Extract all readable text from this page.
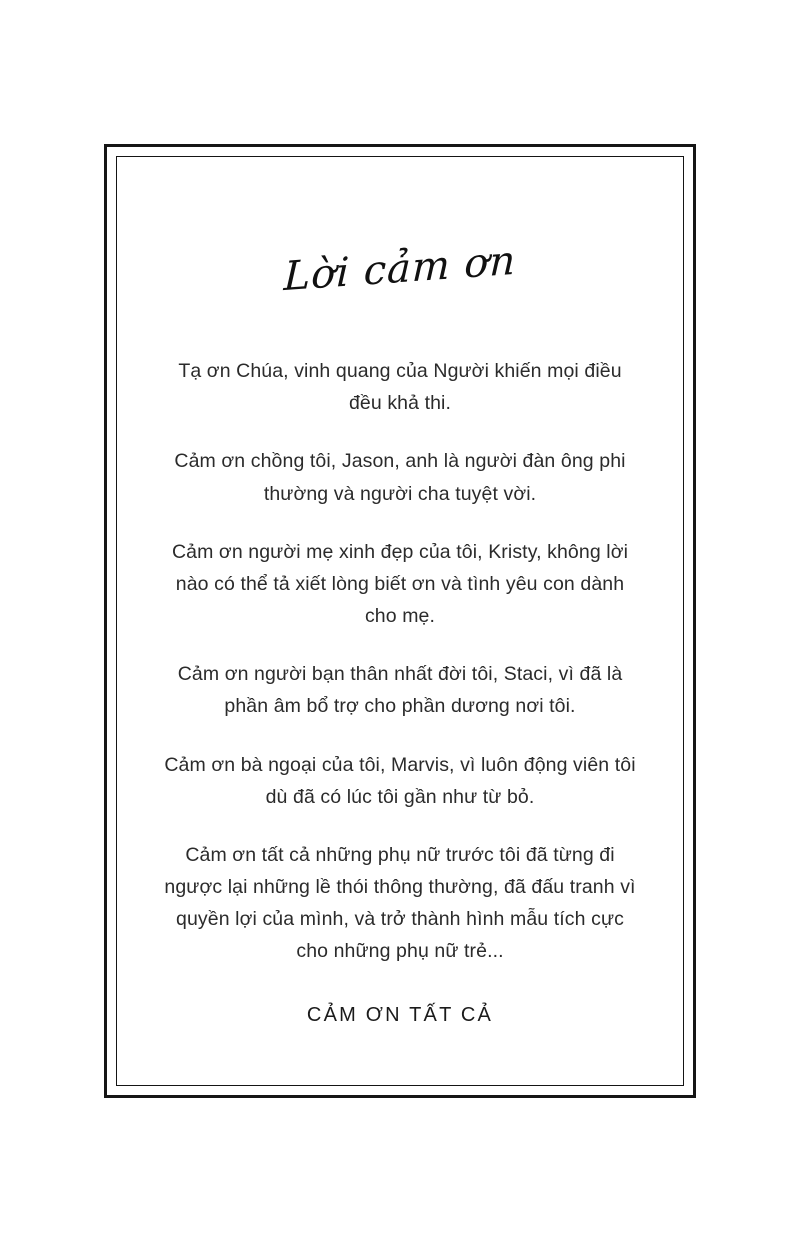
Lời cảm ơn

Tạ ơn Chúa, vinh quang của Người khiến mọi điều đều khả thi.

Cảm ơn chồng tôi, Jason, anh là người đàn ông phi thường và người cha tuyệt vời.

Cảm ơn người mẹ xinh đẹp của tôi, Kristy, không lời nào có thể tả xiết lòng biết ơn và tình yêu con dành cho mẹ.

Cảm ơn người bạn thân nhất đời tôi, Staci, vì đã là phần âm bổ trợ cho phần dương nơi tôi.

Cảm ơn bà ngoại của tôi, Marvis, vì luôn động viên tôi dù đã có lúc tôi gần như từ bỏ.

Cảm ơn tất cả những phụ nữ trước tôi đã từng đi ngược lại những lề thói thông thường, đã đấu tranh vì quyền lợi của mình, và trở thành hình mẫu tích cực cho những phụ nữ trẻ...

CẢM ƠN TẤT CẢ
